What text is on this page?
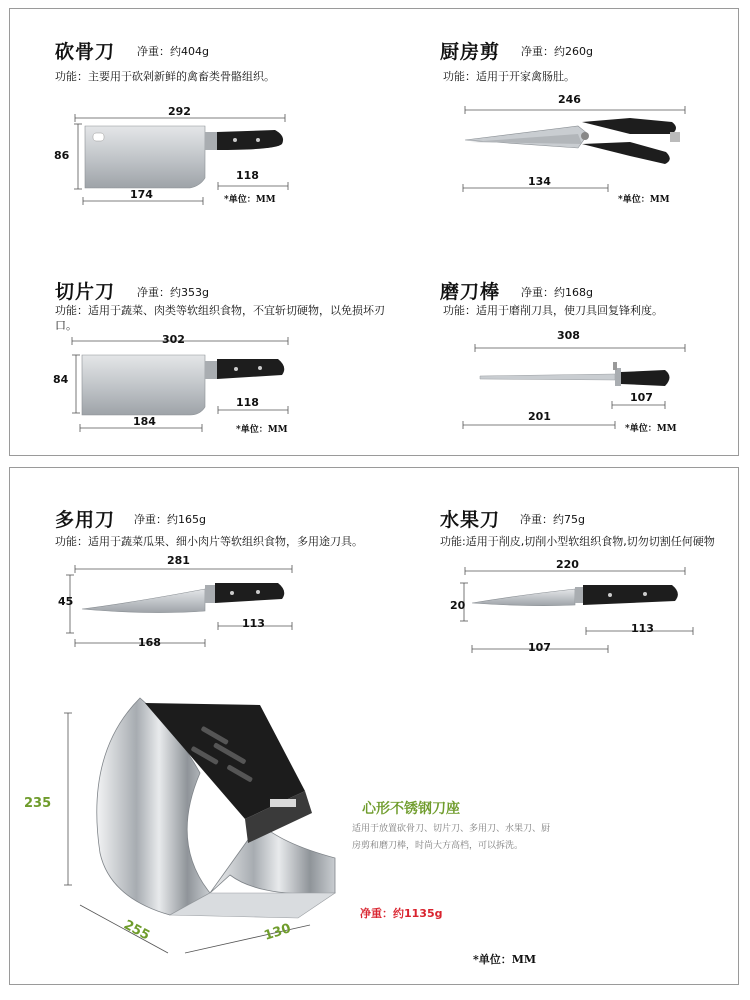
砍骨刀 净重：约404g
功能：主要用于砍剁新鲜的禽畜类骨骼组织。
292
86
118
174	*单位：MM
厨房剪 净重：约260g
功能：适用于开家禽肠肚。
246
134
*单位：MM
切片刀 净重：约353g
功能：适用于蔬菜、肉类等软组织食物，不宜斩切硬物，以免损坏刃口。
302
84
118
184
*单位：MM
磨刀棒 净重：约168g
功能：适用于磨削刀具，使刀具回复锋利度。
308
107
201
*单位：MM
多用刀 净重：约165g
功能：适用于蔬菜瓜果、细小肉片等软组织食物，多用途刀具。
281
45
113
168
水果刀 净重：约75g
功能:适用于削皮,切削小型软组织食物,切勿切割任何硬物
220
20
113
107
235
255	130
心形不锈钢刀座
适用于放置砍骨刀、切片刀、多用刀、水果刀、厨房剪和磨刀棒，时尚大方高档，可以拆洗。
净重：约1135g
*单位：MM
